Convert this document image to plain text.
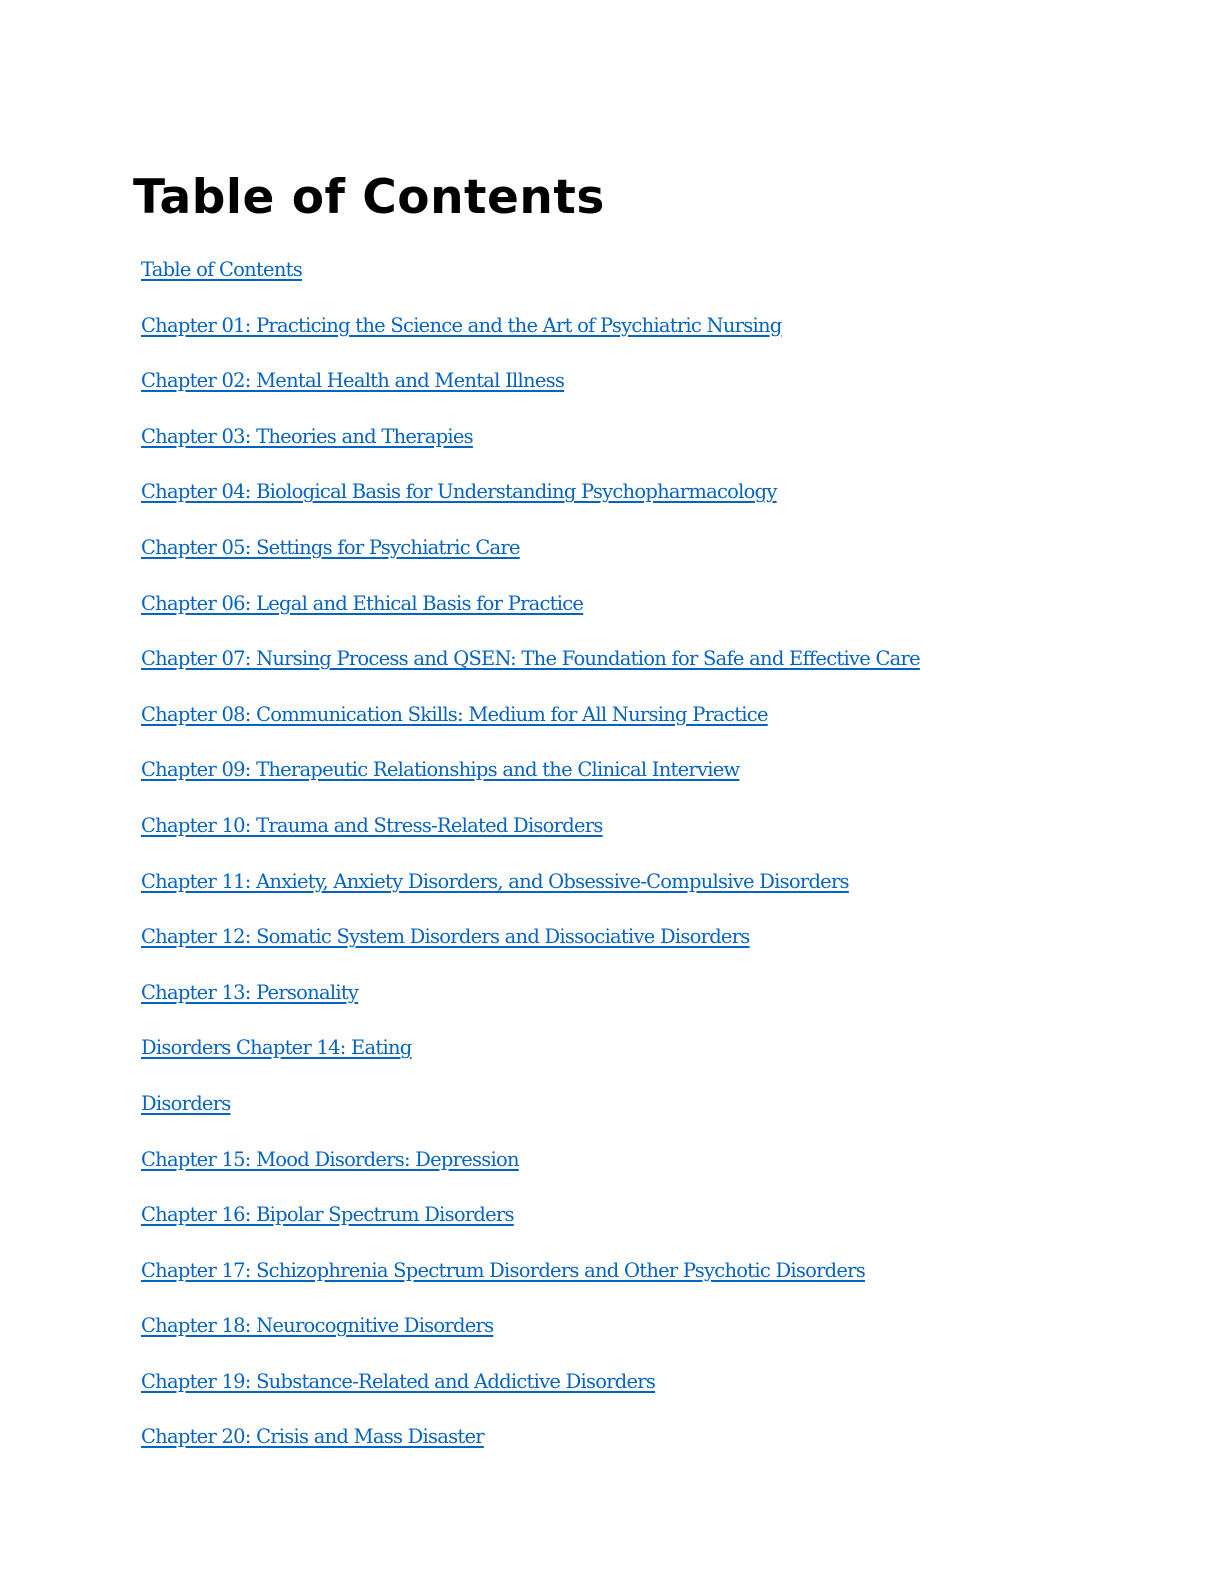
Table of Contents
Table of Contents
Chapter 01: Practicing the Science and the Art of Psychiatric Nursing
Chapter 02: Mental Health and Mental Illness
Chapter 03: Theories and Therapies
Chapter 04: Biological Basis for Understanding Psychopharmacology
Chapter 05: Settings for Psychiatric Care
Chapter 06: Legal and Ethical Basis for Practice
Chapter 07: Nursing Process and QSEN: The Foundation for Safe and Effective Care
Chapter 08: Communication Skills: Medium for All Nursing Practice
Chapter 09: Therapeutic Relationships and the Clinical Interview
Chapter 10: Trauma and Stress-Related Disorders
Chapter 11: Anxiety, Anxiety Disorders, and Obsessive-Compulsive Disorders
Chapter 12: Somatic System Disorders and Dissociative Disorders
Chapter 13: Personality
Disorders Chapter 14: Eating
Disorders
Chapter 15: Mood Disorders: Depression
Chapter 16: Bipolar Spectrum Disorders
Chapter 17: Schizophrenia Spectrum Disorders and Other Psychotic Disorders
Chapter 18: Neurocognitive Disorders
Chapter 19: Substance-Related and Addictive Disorders
Chapter 20: Crisis and Mass Disaster
